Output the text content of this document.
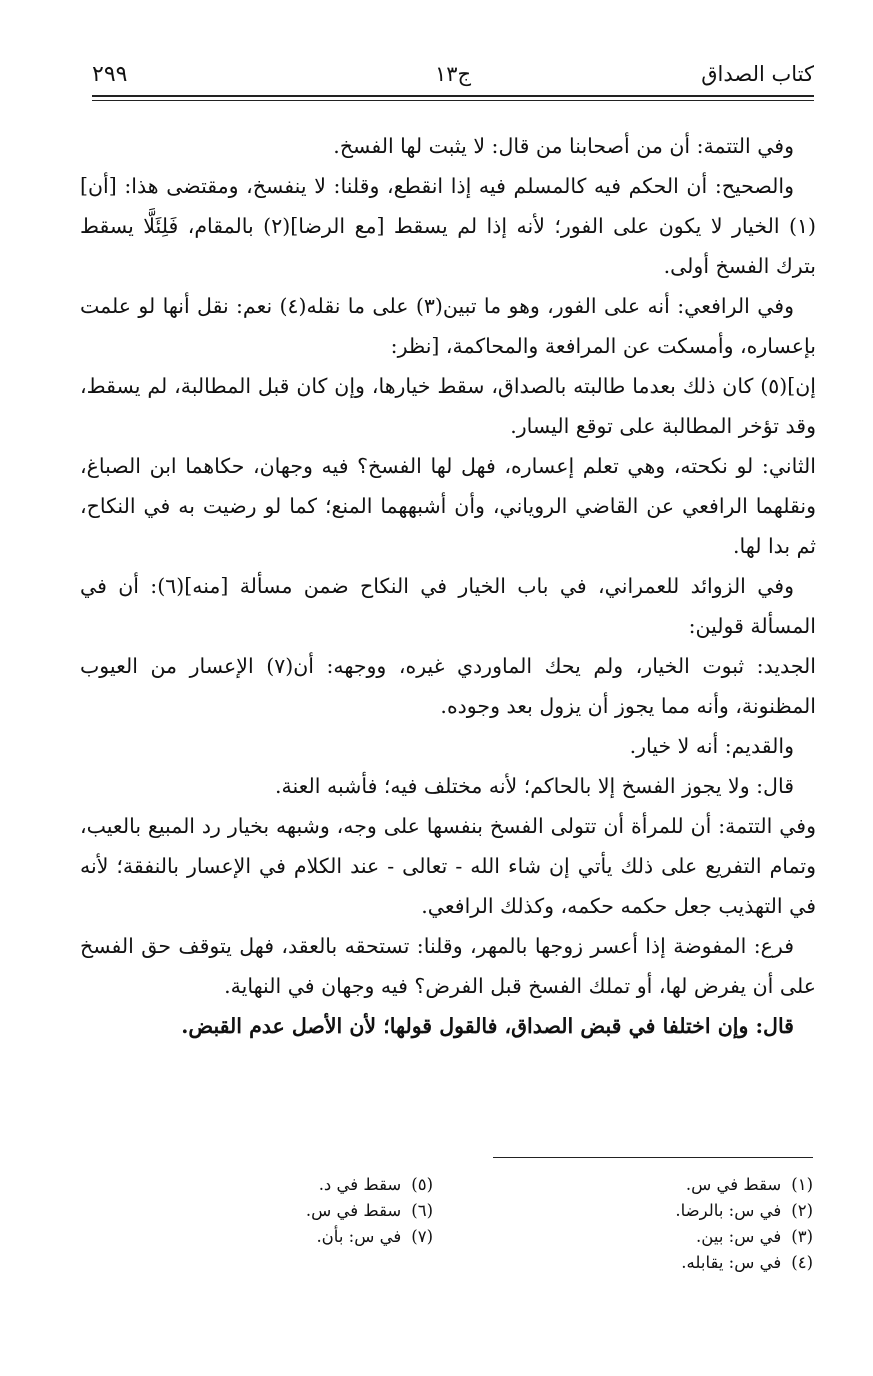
كتاب الصداق
ج١٣
٢٩٩

وفي التتمة: أن من أصحابنا من قال: لا يثبت لها الفسخ.

والصحيح: أن الحكم فيه كالمسلم فيه إذا انقطع، وقلنا: لا ينفسخ، ومقتضى هذا: [أن](١) الخيار لا يكون على الفور؛ لأنه إذا لم يسقط [مع الرضا](٢) بالمقام، فَلِئَلَّا يسقط بترك الفسخ أولى.

وفي الرافعي: أنه على الفور، وهو ما تبين(٣) على ما نقله(٤) نعم: نقل أنها لو علمت بإعساره، وأمسكت عن المرافعة والمحاكمة، [نظر:

إن](٥) كان ذلك بعدما طالبته بالصداق، سقط خيارها، وإن كان قبل المطالبة، لم يسقط، وقد تؤخر المطالبة على توقع اليسار.

الثاني: لو نكحته، وهي تعلم إعساره، فهل لها الفسخ؟ فيه وجهان، حكاهما ابن الصباغ، ونقلهما الرافعي عن القاضي الروياني، وأن أشبههما المنع؛ كما لو رضيت به في النكاح، ثم بدا لها.

وفي الزوائد للعمراني، في باب الخيار في النكاح ضمن مسألة [منه](٦): أن في المسألة قولين:

الجديد: ثبوت الخيار، ولم يحك الماوردي غيره، ووجهه: أن(٧) الإعسار من العيوب المظنونة، وأنه مما يجوز أن يزول بعد وجوده.

والقديم: أنه لا خيار.

قال: ولا يجوز الفسخ إلا بالحاكم؛ لأنه مختلف فيه؛ فأشبه العنة.

وفي التتمة: أن للمرأة أن تتولى الفسخ بنفسها على وجه، وشبهه بخيار رد المبيع بالعيب، وتمام التفريع على ذلك يأتي إن شاء الله - تعالى - عند الكلام في الإعسار بالنفقة؛ لأنه في التهذيب جعل حكمه حكمه، وكذلك الرافعي.

فرع: المفوضة إذا أعسر زوجها بالمهر، وقلنا: تستحقه بالعقد، فهل يتوقف حق الفسخ على أن يفرض لها، أو تملك الفسخ قبل الفرض؟ فيه وجهان في النهاية.

قال: وإن اختلفا في قبض الصداق، فالقول قولها؛ لأن الأصل عدم القبض.

(١)
سقط في س.
(٢)
في س: بالرضا.
(٣)
في س: بين.
(٤)
في س: يقابله.
(٥)
سقط في د.
(٦)
سقط في س.
(٧)
في س: بأن.
